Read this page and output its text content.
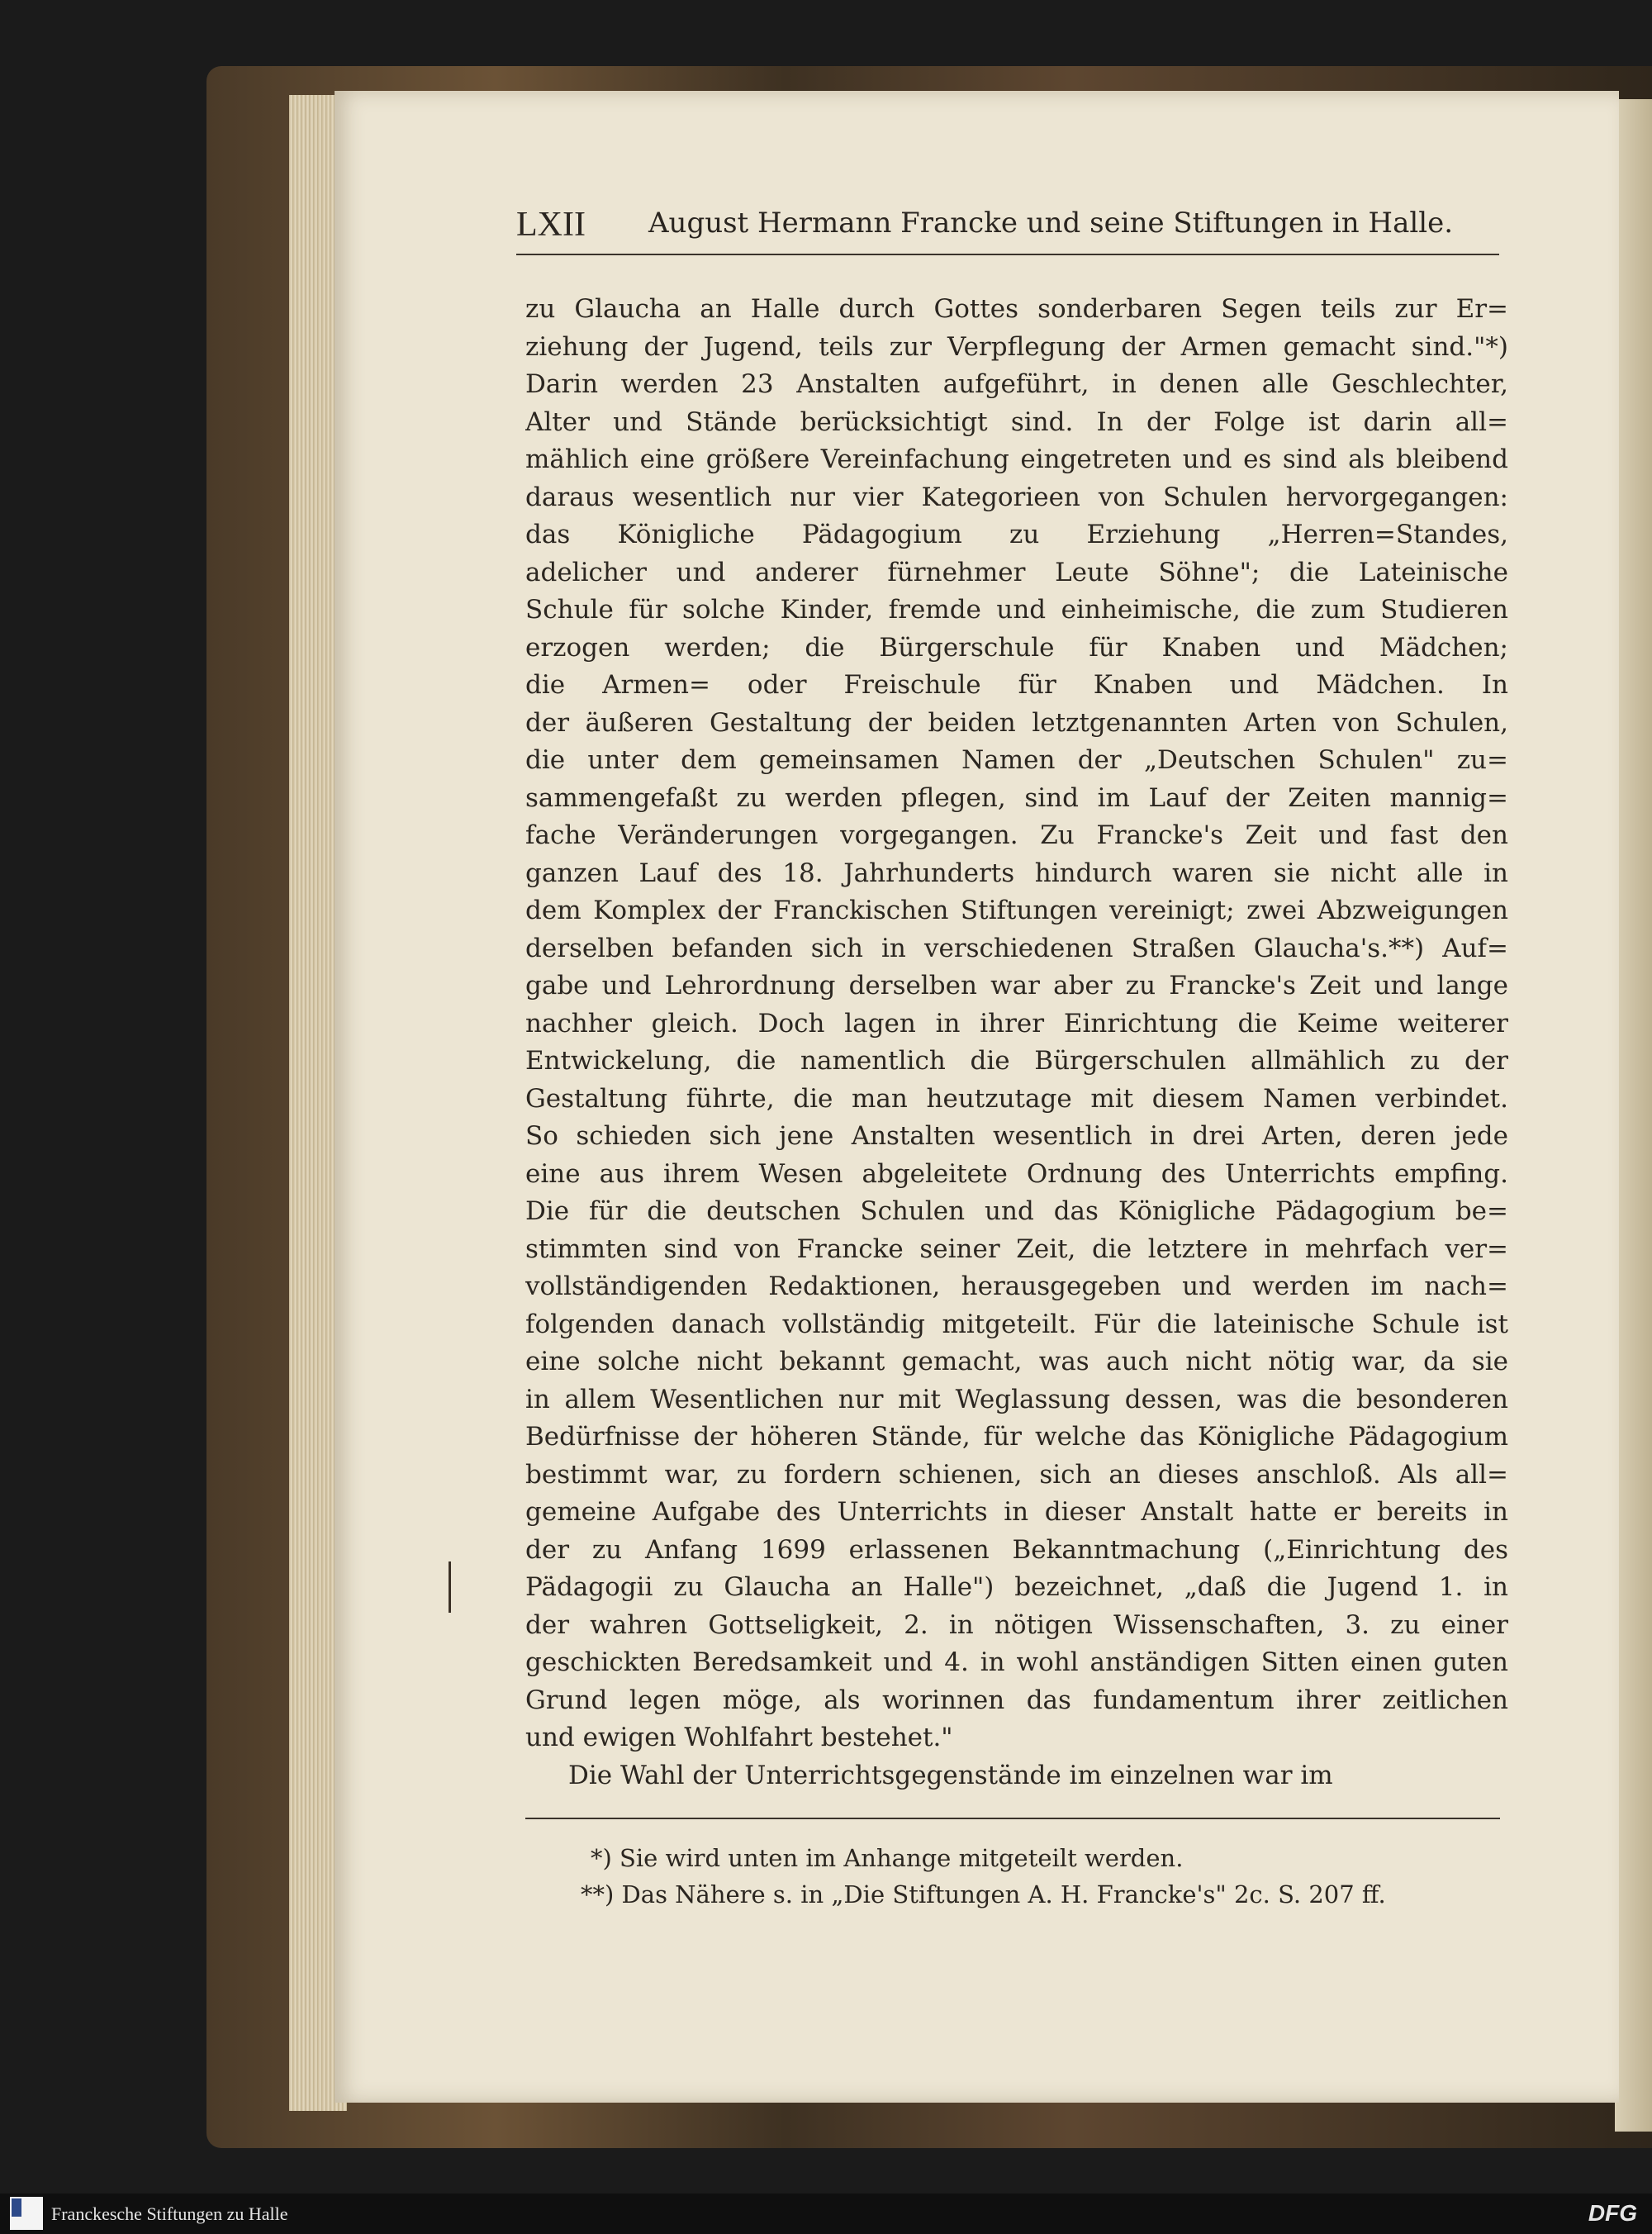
LXII August Hermann Francke und seine Stiftungen in Halle.
zu Glaucha an Halle durch Gottes sonderbaren Segen teils zur Er=
ziehung der Jugend, teils zur Verpflegung der Armen gemacht sind."*)
Darin werden 23 Anstalten aufgeführt, in denen alle Geschlechter,
Alter und Stände berücksichtigt sind. In der Folge ist darin all=
mählich eine größere Vereinfachung eingetreten und es sind als bleibend
daraus wesentlich nur vier Kategorieen von Schulen hervorgegangen:
das Königliche Pädagogium zu Erziehung „Herren=Standes,
adelicher und anderer fürnehmer Leute Söhne"; die Lateinische
Schule für solche Kinder, fremde und einheimische, die zum Studieren
erzogen werden; die Bürgerschule für Knaben und Mädchen;
die Armen= oder Freischule für Knaben und Mädchen. In
der äußeren Gestaltung der beiden letztgenannten Arten von Schulen,
die unter dem gemeinsamen Namen der „Deutschen Schulen" zu=
sammengefaßt zu werden pflegen, sind im Lauf der Zeiten mannig=
fache Veränderungen vorgegangen. Zu Francke's Zeit und fast den
ganzen Lauf des 18. Jahrhunderts hindurch waren sie nicht alle in
dem Komplex der Franckischen Stiftungen vereinigt; zwei Abzweigungen
derselben befanden sich in verschiedenen Straßen Glaucha's.**) Auf=
gabe und Lehrordnung derselben war aber zu Francke's Zeit und lange
nachher gleich. Doch lagen in ihrer Einrichtung die Keime weiterer
Entwickelung, die namentlich die Bürgerschulen allmählich zu der
Gestaltung führte, die man heutzutage mit diesem Namen verbindet.
So schieden sich jene Anstalten wesentlich in drei Arten, deren jede
eine aus ihrem Wesen abgeleitete Ordnung des Unterrichts empfing.
Die für die deutschen Schulen und das Königliche Pädagogium be=
stimmten sind von Francke seiner Zeit, die letztere in mehrfach ver=
vollständigenden Redaktionen, herausgegeben und werden im nach=
folgenden danach vollständig mitgeteilt. Für die lateinische Schule ist
eine solche nicht bekannt gemacht, was auch nicht nötig war, da sie
in allem Wesentlichen nur mit Weglassung dessen, was die besonderen
Bedürfnisse der höheren Stände, für welche das Königliche Pädagogium
bestimmt war, zu fordern schienen, sich an dieses anschloß. Als all=
gemeine Aufgabe des Unterrichts in dieser Anstalt hatte er bereits in
der zu Anfang 1699 erlassenen Bekanntmachung („Einrichtung des
Pädagogii zu Glaucha an Halle") bezeichnet, „daß die Jugend 1. in
der wahren Gottseligkeit, 2. in nötigen Wissenschaften, 3. zu einer
geschickten Beredsamkeit und 4. in wohl anständigen Sitten einen guten
Grund legen möge, als worinnen das fundamentum ihrer zeitlichen
und ewigen Wohlfahrt bestehet."
Die Wahl der Unterrichtsgegenstände im einzelnen war im
*) Sie wird unten im Anhange mitgeteilt werden.
**) Das Nähere s. in „Die Stiftungen A. H. Francke's" 2c. S. 207 ff.
Franckesche Stiftungen zu Halle	DFG
